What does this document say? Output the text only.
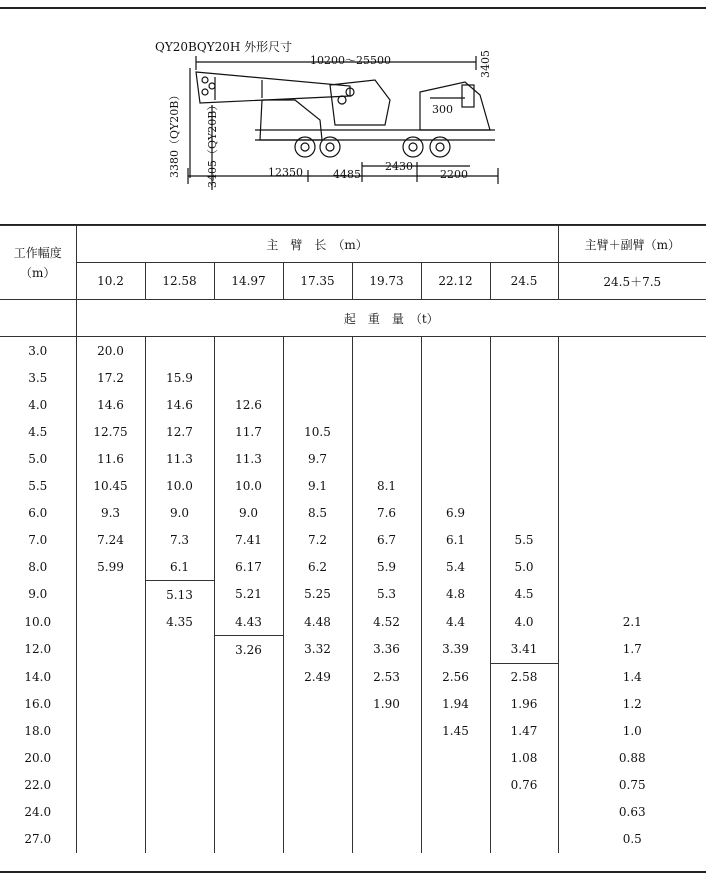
QY20BQY20H 外形尺寸
10200～25500	3405
300
3380（QY20B） 3405（QY20B）	12350	4485
2430
2200
工作幅度
（m）	主　臂　长　（m）							主臂＋副臂（m）
	10.2	12.58	14.97	17.35	19.73	22.12	24.5	24.5＋7.5
	起　重　量　（t）							
3.0	20.0							
3.5	17.2	15.9						
4.0	14.6	14.6	12.6					
4.5	12.75	12.7	11.7	10.5				
5.0	11.6	11.3	11.3	9.7				
5.5	10.45	10.0	10.0	9.1	8.1			
6.0	9.3	9.0	9.0	8.5	7.6	6.9		
7.0	7.24	7.3	7.41	7.2	6.7	6.1	5.5	
8.0	5.99	6.1	6.17	6.2	5.9	5.4	5.0	
9.0		5.13	5.21	5.25	5.3	4.8	4.5	
10.0		4.35	4.43	4.48	4.52	4.4	4.0	2.1
12.0			3.26	3.32	3.36	3.39	3.41	1.7
14.0				2.49	2.53	2.56	2.58	1.4
16.0					1.90	1.94	1.96	1.2
18.0						1.45	1.47	1.0
20.0							1.08	0.88
22.0							0.76	0.75
24.0								0.63
27.0								0.5
